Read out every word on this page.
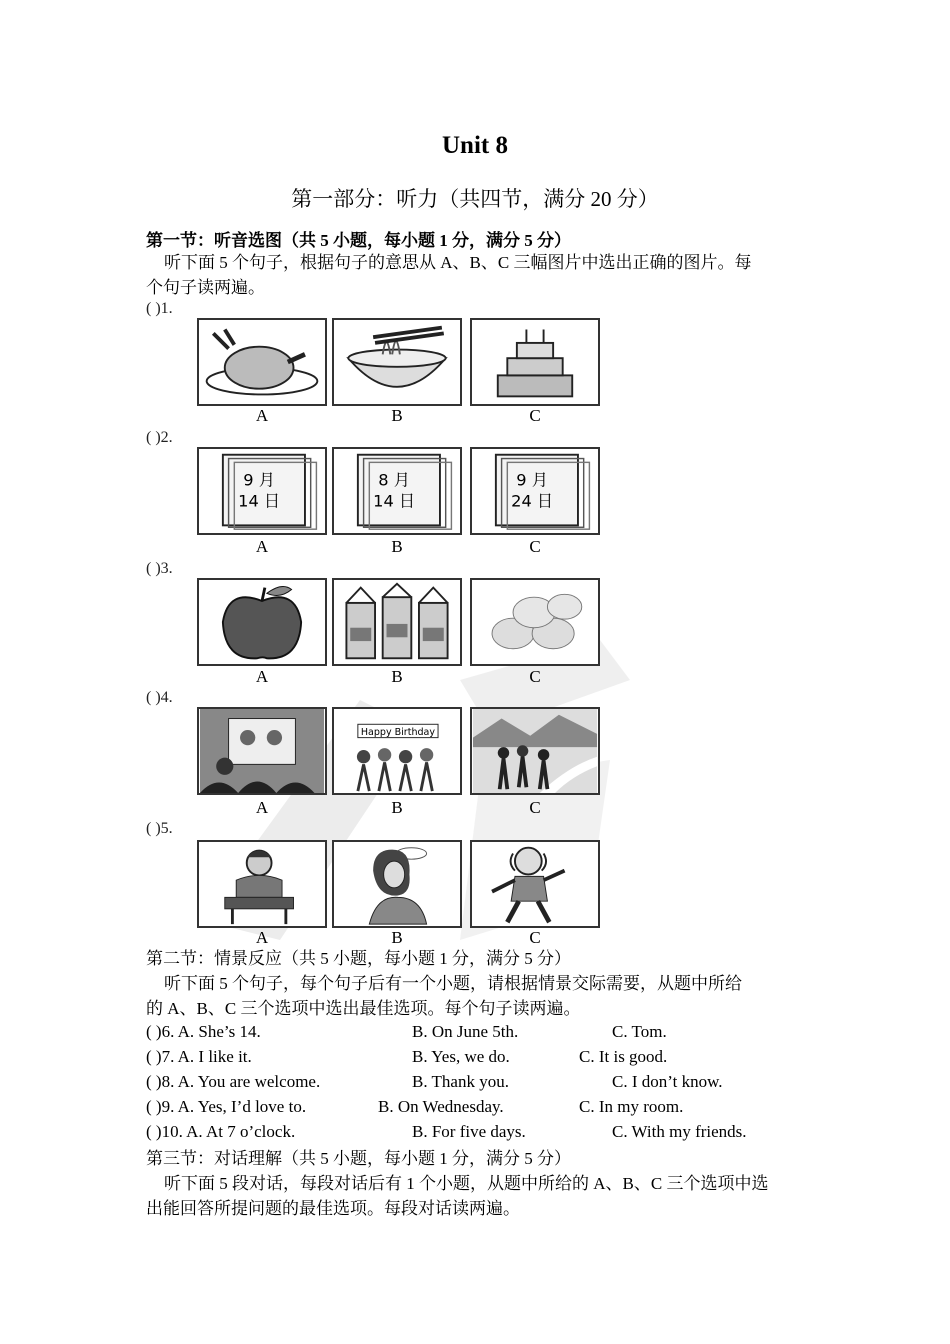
Unit 8
第一部分：听力（共四节，满分 20 分）
第一节：听音选图（共 5 小题，每小题 1 分，满分 5 分）
听下面 5 个句子，根据句子的意思从 A、B、C 三幅图片中选出正确的图片。每
个句子读两遍。
( )1.
A	B	C
( )2.
9 月
14 日
8 月
14 日
9 月
24 日
A	B	C
( )3.
A	B	C
( )4.
Happy Birthday
A	B	C
( )5.
A	B	C
第二节：情景反应（共 5 小题，每小题 1 分，满分 5 分）
听下面 5 个句子，每个句子后有一个小题，请根据情景交际需要，从题中所给
的 A、B、C 三个选项中选出最佳选项。每个句子读两遍。
( )6. A. She’s 14.	B. On June 5th.	C. Tom.
( )7. A. I like it.	B. Yes, we do.	C. It is good.
( )8. A. You are welcome.	B. Thank you.	C. I don’t know.
( )9. A. Yes, I’d love to.	B. On Wednesday.	C. In my room.
( )10. A. At 7 o’clock.	B. For five days.	C. With my friends.
第三节：对话理解（共 5 小题，每小题 1 分，满分 5 分）
听下面 5 段对话，每段对话后有 1 个小题，从题中所给的 A、B、C 三个选项中选
出能回答所提问题的最佳选项。每段对话读两遍。
